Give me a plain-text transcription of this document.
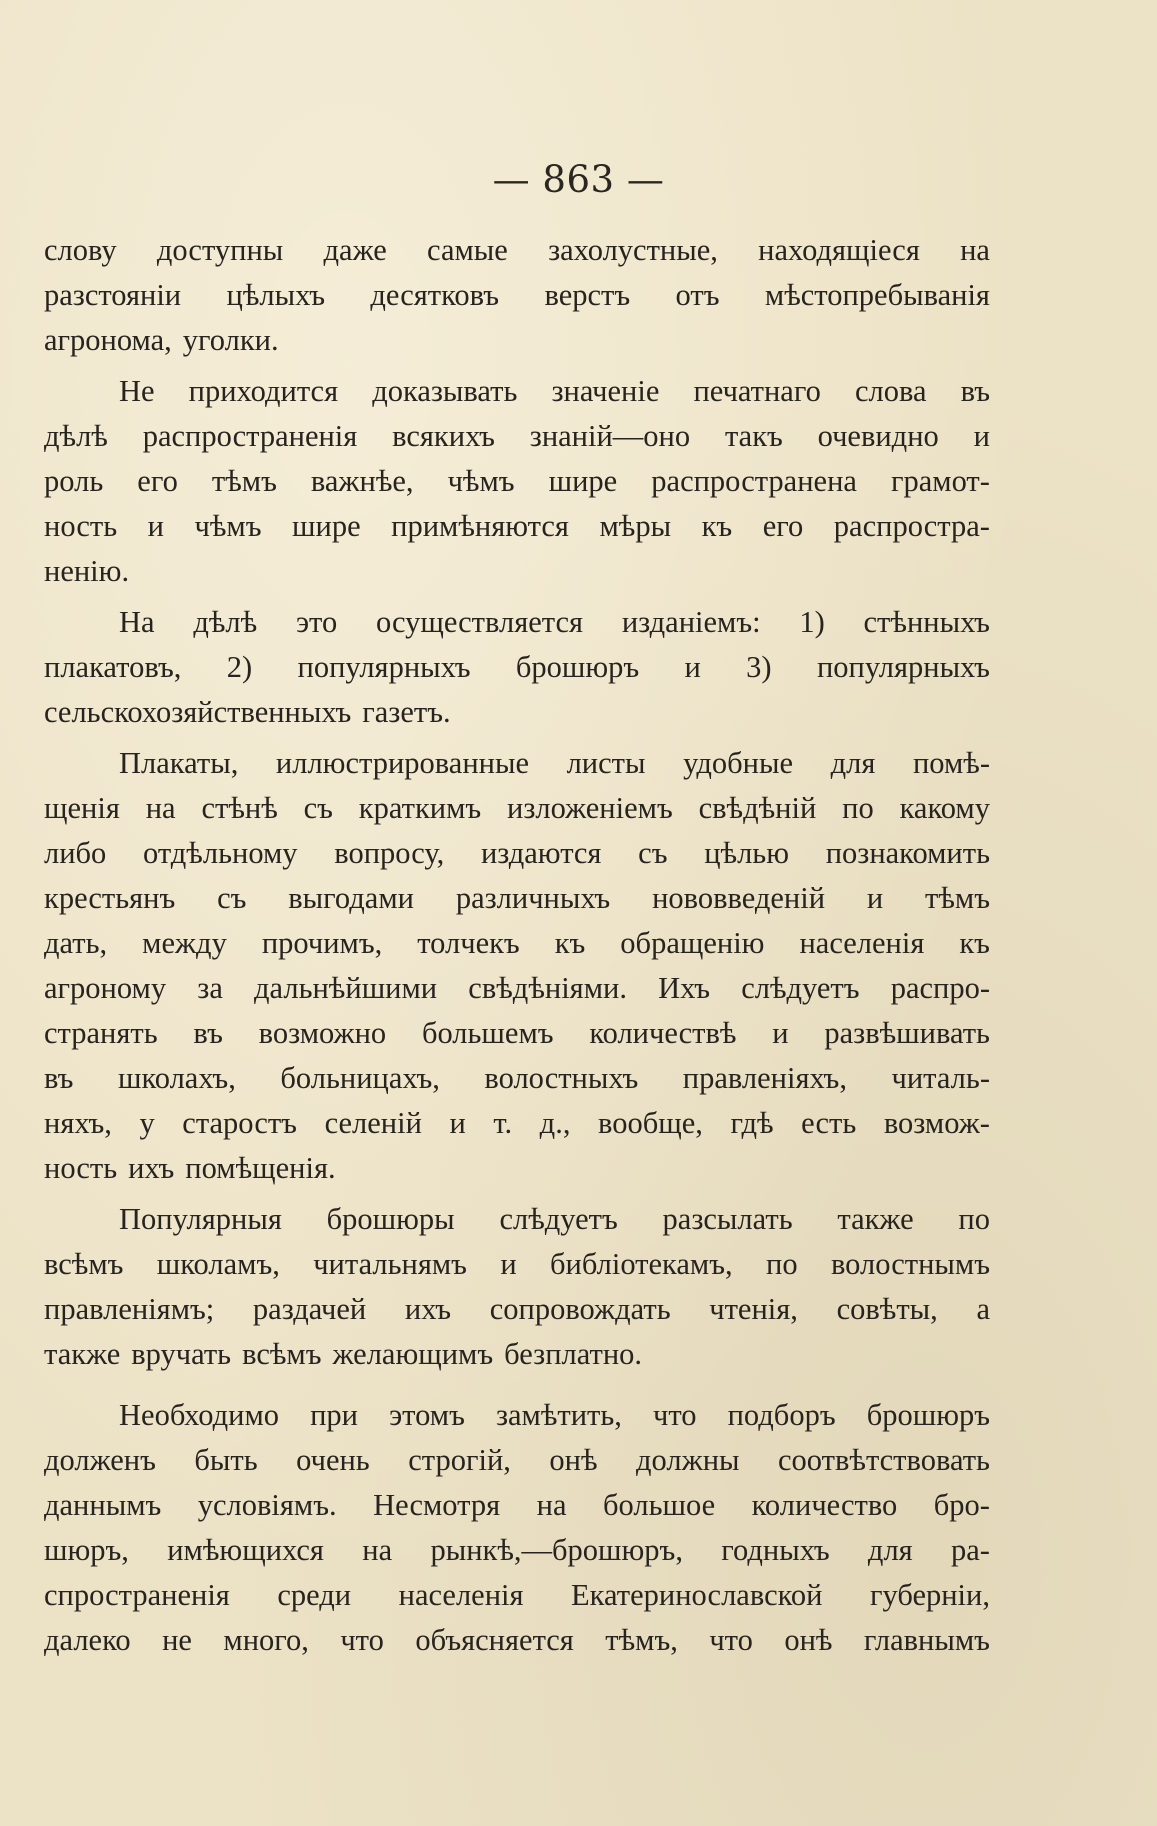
— 863 —

слову доступны даже самые захолустные, находящіеся на
разстояніи цѣлыхъ десятковъ верстъ отъ мѣстопребыванія
агронома, уголки.
Не приходится доказывать значеніе печатнаго слова въ
дѣлѣ распространенія всякихъ знаній—оно такъ очевидно и
роль его тѣмъ важнѣе, чѣмъ шире распространена грамот-
ность и чѣмъ шире примѣняются мѣры къ его распростра-
ненію.
На дѣлѣ это осуществляется изданіемъ: 1) стѣнныхъ
плакатовъ, 2) популярныхъ брошюръ и 3) популярныхъ
сельскохозяйственныхъ газетъ.
Плакаты, иллюстрированные листы удобные для помѣ-
щенія на стѣнѣ съ краткимъ изложеніемъ свѣдѣній по какому
либо отдѣльному вопросу, издаются съ цѣлью познакомить
крестьянъ съ выгодами различныхъ нововведеній и тѣмъ
дать, между прочимъ, толчекъ къ обращенію населенія къ
агроному за дальнѣйшими свѣдѣніями. Ихъ слѣдуетъ распро-
странять въ возможно большемъ количествѣ и развѣшивать
въ школахъ, больницахъ, волостныхъ правленіяхъ, читаль-
няхъ, у старостъ селеній и т. д., вообще, гдѣ есть возмож-
ность ихъ помѣщенія.
Популярныя брошюры слѣдуетъ разсылать также по
всѣмъ школамъ, читальнямъ и библіотекамъ, по волостнымъ
правленіямъ; раздачей ихъ сопровождать чтенія, совѣты, а
также вручать всѣмъ желающимъ безплатно.
Необходимо при этомъ замѣтить, что подборъ брошюръ
долженъ быть очень строгій, онѣ должны соотвѣтствовать
даннымъ условіямъ. Несмотря на большое количество бро-
шюръ, имѣющихся на рынкѣ,—брошюръ, годныхъ для ра-
спространенія среди населенія Екатеринославской губерніи,
далеко не много, что объясняется тѣмъ, что онѣ главнымъ
